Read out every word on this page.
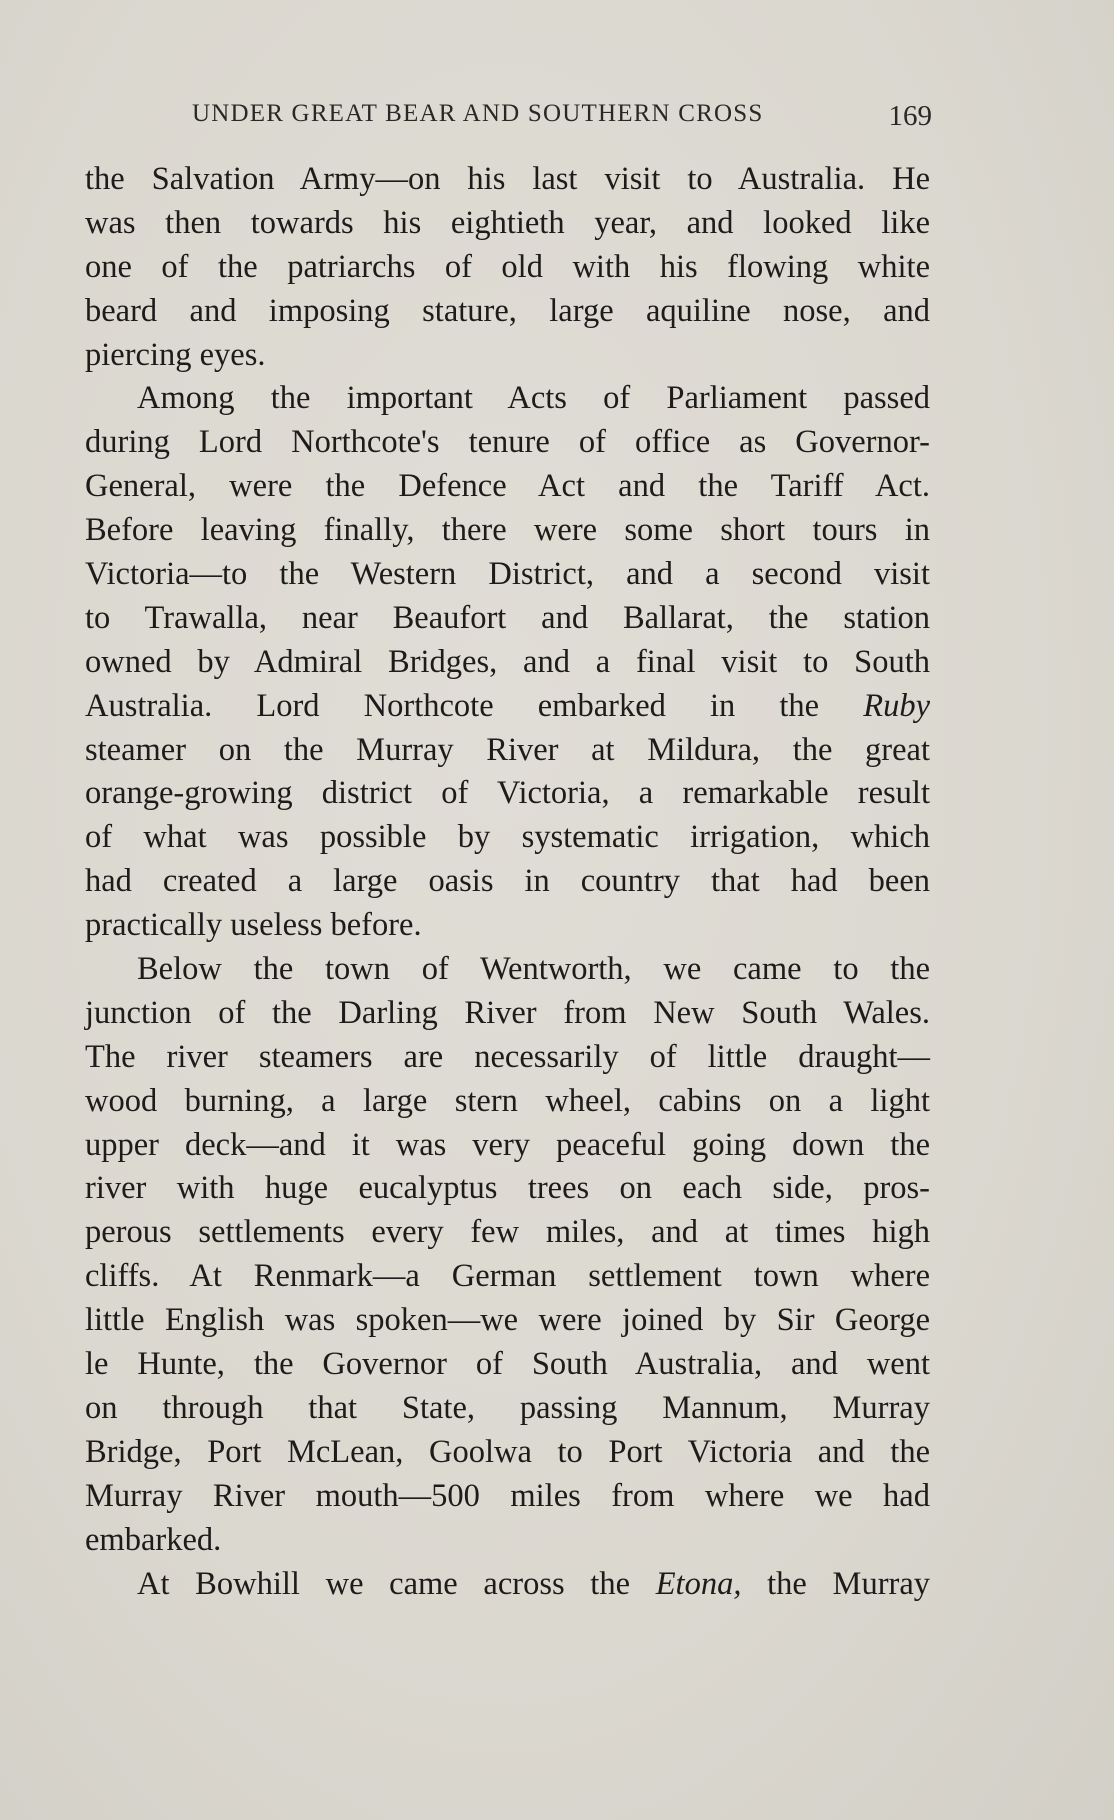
UNDER GREAT BEAR AND SOUTHERN CROSS	169
the Salvation Army—on his last visit to Australia. He
was then towards his eightieth year, and looked like
one of the patriarchs of old with his flowing white
beard and imposing stature, large aquiline nose, and
piercing eyes.
Among the important Acts of Parliament passed
during Lord Northcote's tenure of office as Governor-
General, were the Defence Act and the Tariff Act.
Before leaving finally, there were some short tours in
Victoria—to the Western District, and a second visit
to Trawalla, near Beaufort and Ballarat, the station
owned by Admiral Bridges, and a final visit to South
Australia. Lord Northcote embarked in the Ruby
steamer on the Murray River at Mildura, the great
orange-growing district of Victoria, a remarkable result
of what was possible by systematic irrigation, which
had created a large oasis in country that had been
practically useless before.
Below the town of Wentworth, we came to the
junction of the Darling River from New South Wales.
The river steamers are necessarily of little draught—
wood burning, a large stern wheel, cabins on a light
upper deck—and it was very peaceful going down the
river with huge eucalyptus trees on each side, pros-
perous settlements every few miles, and at times high
cliffs. At Renmark—a German settlement town where
little English was spoken—we were joined by Sir George
le Hunte, the Governor of South Australia, and went
on through that State, passing Mannum, Murray
Bridge, Port McLean, Goolwa to Port Victoria and the
Murray River mouth—500 miles from where we had
embarked.
At Bowhill we came across the Etona, the Murray
